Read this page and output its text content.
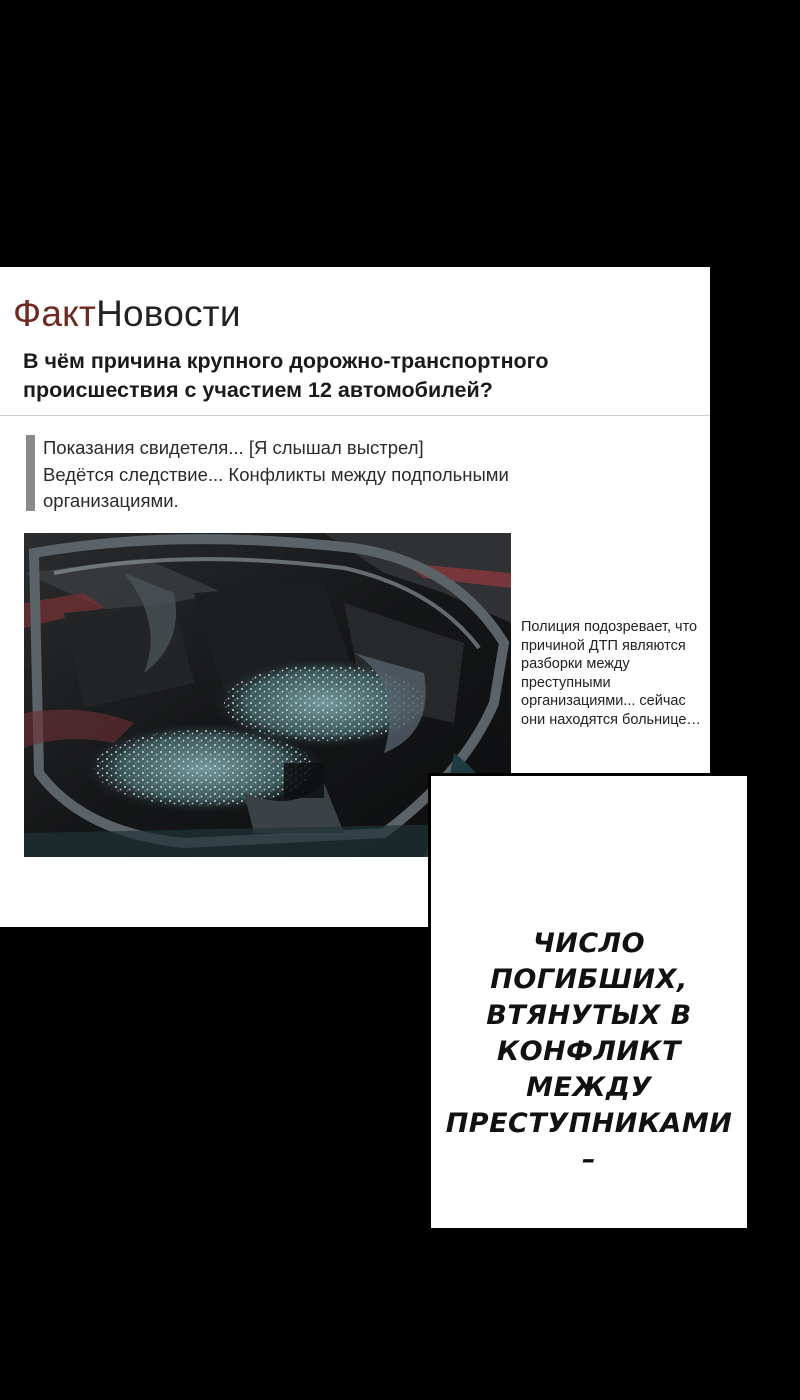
ФактНовости
В чём причина крупного дорожно-транспортного происшествия с участием 12 автомобилей?
Показания свидетеля... [Я слышал выстрел]
Ведётся следствие... Конфликты между подпольными организациями.
Полиция подозревает, что причиной ДТП являются разборки между преступными организациями... сейчас они находятся больнице…
ЧИСЛО ПОГИБШИХ,
ВТЯНУТЫХ В
КОНФЛИКТ МЕЖДУ
ПРЕСТУПНИКАМИ –
